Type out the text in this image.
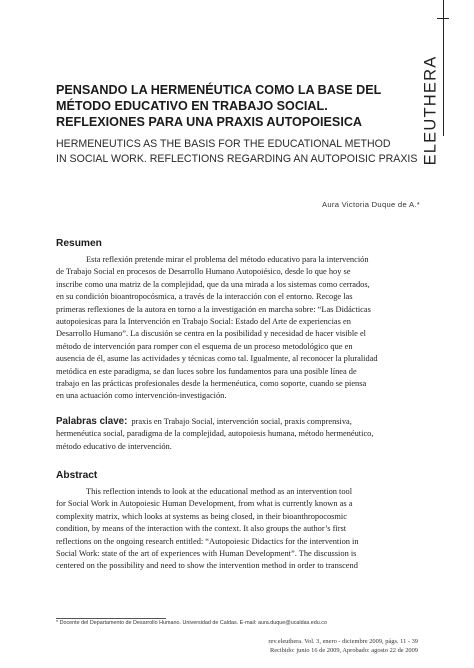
ELEUTHERA
PENSANDO LA HERMENÉUTICA COMO LA BASE DEL
MÉTODO EDUCATIVO EN TRABAJO SOCIAL.
REFLEXIONES PARA UNA PRAXIS AUTOPOIESICA
HERMENEUTICS AS THE BASIS FOR THE EDUCATIONAL METHOD
IN SOCIAL WORK. REFLECTIONS REGARDING AN AUTOPOISIC PRAXIS
Aura Victoria Duque de A.*
Resumen
Esta reflexión pretende mirar el problema del método educativo para la intervención
de Trabajo Social en procesos de Desarrollo Humano Autopoiésico, desde lo que hoy se
inscribe como una matriz de la complejidad, que da una mirada a los sistemas como cerrados,
en su condición bioantropocósmica, a través de la interacción con el entorno. Recoge las
primeras reflexiones de la autora en torno a la investigación en marcha sobre: “Las Didácticas
autopoiesicas para la Intervención en Trabajo Social: Estado del Arte de experiencias en
Desarrollo Humano”. La discusión se centra en la posibilidad y necesidad de hacer visible el
método de intervención para romper con el esquema de un proceso metodológico que en
ausencia de él, asume las actividades y técnicas como tal. Igualmente, al reconocer la pluralidad
metódica en este paradigma, se dan luces sobre los fundamentos para una posible línea de
trabajo en las prácticas profesionales desde la hermenéutica, como soporte, cuando se piensa
en una actuación como intervención-investigación.
Palabras clave: praxis en Trabajo Social, intervención social, praxis comprensiva,
hermenéutica social, paradigma de la complejidad, autopoiesis humana, método hermenéutico,
método educativo de intervención.
Abstract
This reflection intends to look at the educational method as an intervention tool
for Social Work in Autopoiesic Human Development, from what is currently known as a
complexity matrix, which looks at systems as being closed, in their bioanthropocosmic
condition, by means of the interaction with the context. It also groups the author’s first
reflections on the ongoing research entitled: “Autopoiesic Didactics for the intervention in
Social Work: state of the art of experiences with Human Development”. The discussion is
centered on the possibility and need to show the intervention method in order to transcend
* Docente del Departamento de Desarrollo Humano. Universidad de Caldas. E-mail: aura.duque@ucaldas.edu.co
rev.eleuthera. Vol. 3, enero - diciembre 2009, págs. 11 - 39
Recibido: junio 16 de 2009, Aprobado: agosto 22 de 2009
